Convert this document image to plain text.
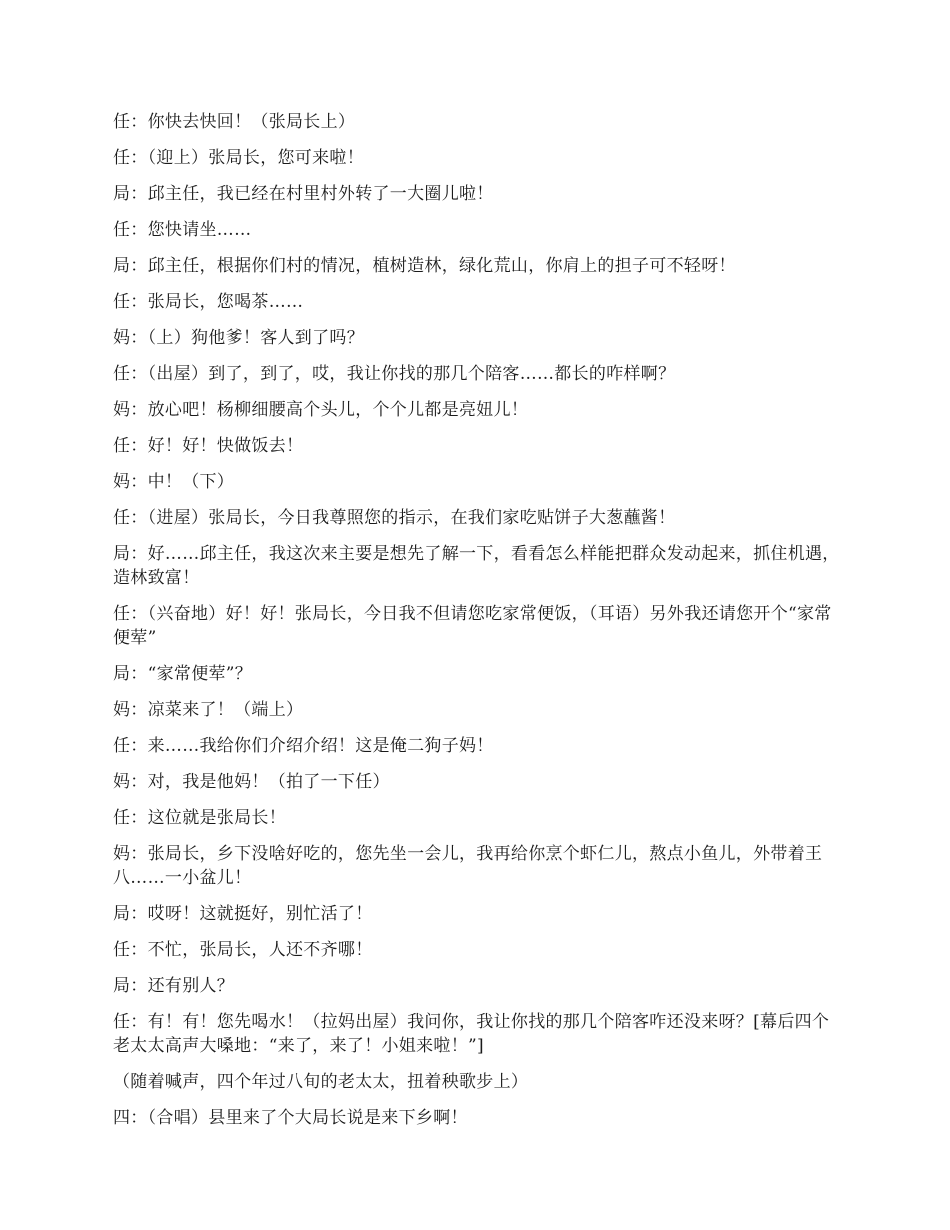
任：你快去快回！（张局长上）

任：（迎上）张局长，您可来啦！

局：邱主任，我已经在村里村外转了一大圈儿啦！

任：您快请坐……

局：邱主任，根据你们村的情况，植树造林，绿化荒山，你肩上的担子可不轻呀！

任：张局长，您喝茶……

妈：（上）狗他爹！客人到了吗？

任：（出屋）到了，到了，哎，我让你找的那几个陪客……都长的咋样啊？

妈：放心吧！杨柳细腰高个头儿，个个儿都是亮妞儿！

任：好！好！快做饭去！

妈：中！（下）

任：（进屋）张局长，今日我尊照您的指示，在我们家吃贴饼子大葱蘸酱！

局：好……邱主任，我这次来主要是想先了解一下，看看怎么样能把群众发动起来，抓住机遇，造林致富！

任：（兴奋地）好！好！张局长，今日我不但请您吃家常便饭，（耳语）另外我还请您开个“家常便荤”

局：“家常便荤”？

妈：凉菜来了！（端上）

任：来……我给你们介绍介绍！这是俺二狗子妈！

妈：对，我是他妈！（拍了一下任）

任：这位就是张局长！

妈：张局长，乡下没啥好吃的，您先坐一会儿，我再给你烹个虾仁儿，熬点小鱼儿，外带着王八……一小盆儿！

局：哎呀！这就挺好，别忙活了！

任：不忙，张局长，人还不齐哪！

局：还有别人？

任：有！有！您先喝水！（拉妈出屋）我问你，我让你找的那几个陪客咋还没来呀？[幕后四个老太太高声大嗓地：“来了，来了！小姐来啦！”]

（随着喊声，四个年过八旬的老太太，扭着秧歌步上）

四：（合唱）县里来了个大局长说是来下乡啊！
